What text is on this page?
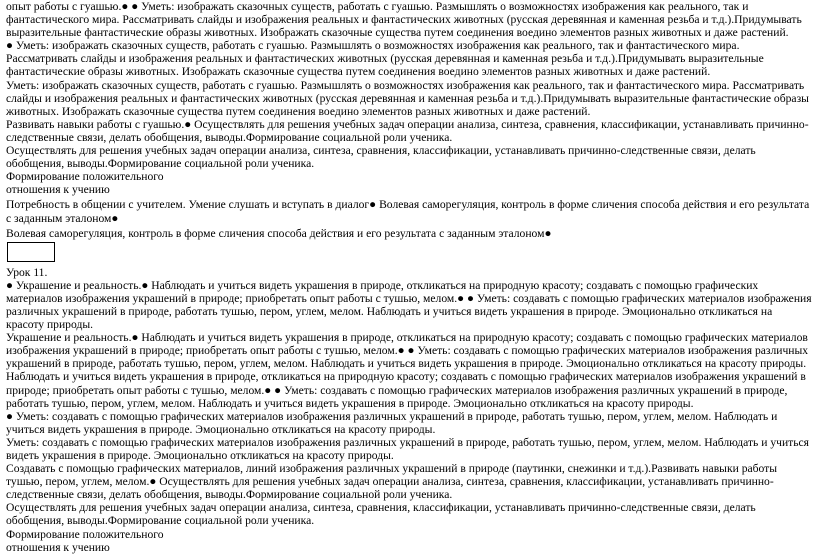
опыт работы с гуашью.● ● Уметь: изображать сказочных существ, работать с гуашью. Размышлять о возможностях изображения как реального, так и фантастического мира. Рассматривать слайды и изображения реальных и фантастических животных (русская деревянная и каменная резьба и т.д.).Придумывать выразительные фантастические образы животных. Изображать сказочные существа путем соединения воедино элементов разных животных и даже растений.
● Уметь: изображать сказочных существ, работать с гуашью. Размышлять о возможностях изображения как реального, так и фантастического мира. Рассматривать слайды и изображения реальных и фантастических животных (русская деревянная и каменная резьба и т.д.).Придумывать выразительные фантастические образы животных. Изображать сказочные существа путем соединения воедино элементов разных животных и даже растений.
Уметь: изображать сказочных существ, работать с гуашью. Размышлять о возможностях изображения как реального, так и фантастического мира. Рассматривать слайды и изображения реальных и фантастических животных (русская деревянная и каменная резьба и т.д.).Придумывать выразительные фантастические образы животных. Изображать сказочные существа путем соединения воедино элементов разных животных и даже растений.
Развивать навыки работы с гуашью.● Осуществлять для решения учебных задач операции анализа, синтеза, сравнения, классификации, устанавливать причинно-следственные связи, делать обобщения, выводы.Формирование социальной роли ученика.
Осуществлять для решения учебных задач операции анализа, синтеза, сравнения, классификации, устанавливать причинно-следственные связи, делать обобщения, выводы.Формирование социальной роли ученика.
Формирование положительного
отношения к учению
Потребность в общении с учителем. Умение слушать и вступать в диалог● Волевая саморегуляция, контроль в форме сличения способа действия и его результата с заданным эталоном●
Волевая саморегуляция, контроль в форме сличения способа действия и его результата с заданным эталоном●
Урок 11.
● Украшение и реальность.● Наблюдать и учиться видеть украшения в природе, откликаться на природную красоту; создавать с помощью графических материалов изображения украшений в природе; приобретать опыт работы с тушью, мелом.● ● Уметь: создавать с помощью графических материалов изображения различных украшений в природе, работать тушью, пером, углем, мелом. Наблюдать и учиться видеть украшения в природе. Эмоционально откликаться на красоту природы.
Украшение и реальность.● Наблюдать и учиться видеть украшения в природе, откликаться на природную красоту; создавать с помощью графических материалов изображения украшений в природе; приобретать опыт работы с тушью, мелом.● ● Уметь: создавать с помощью графических материалов изображения различных украшений в природе, работать тушью, пером, углем, мелом. Наблюдать и учиться видеть украшения в природе. Эмоционально откликаться на красоту природы.
Наблюдать и учиться видеть украшения в природе, откликаться на природную красоту; создавать с помощью графических материалов изображения украшений в природе; приобретать опыт работы с тушью, мелом.● ● Уметь: создавать с помощью графических материалов изображения различных украшений в природе, работать тушью, пером, углем, мелом. Наблюдать и учиться видеть украшения в природе. Эмоционально откликаться на красоту природы.
● Уметь: создавать с помощью графических материалов изображения различных украшений в природе, работать тушью, пером, углем, мелом. Наблюдать и учиться видеть украшения в природе. Эмоционально откликаться на красоту природы.
Уметь: создавать с помощью графических материалов изображения различных украшений в природе, работать тушью, пером, углем, мелом. Наблюдать и учиться видеть украшения в природе. Эмоционально откликаться на красоту природы.
Создавать с помощью графических материалов, линий изображения различных украшений в природе (паутинки, снежинки и т.д.).Развивать навыки работы тушью, пером, углем, мелом.● Осуществлять для решения учебных задач операции анализа, синтеза, сравнения, классификации, устанавливать причинно-следственные связи, делать обобщения, выводы.Формирование социальной роли ученика.
Осуществлять для решения учебных задач операции анализа, синтеза, сравнения, классификации, устанавливать причинно-следственные связи, делать обобщения, выводы.Формирование социальной роли ученика.
Формирование положительного
отношения к учению
